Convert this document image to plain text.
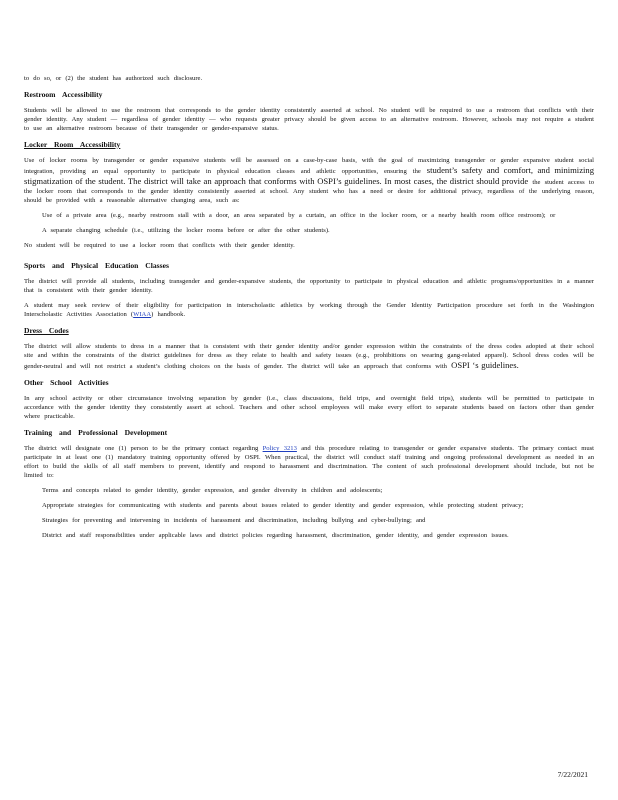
to do so, or (2) the student has authorized such disclosure.

Restroom Accessibility

Students will be allowed to use the restroom that corresponds to the gender identity consistently asserted at school. No student will be required to use a restroom that conflicts with their gender identity. Any student — regardless of gender identity — who requests greater privacy should be given access to an alternative restroom. However, schools may not require a student to use an alternative restroom because of their transgender or gender-expansive status.

Locker Room Accessibility

Use of locker rooms by transgender or gender expansive students will be assessed on a case-by-case basis, with the goal of maximizing transgender or gender expansive student social integration, providing an equal opportunity to participate in physical education classes and athletic opportunities, ensuring the student’s safety and comfort, and minimizing stigmatization of the student. The district will take an approach that conforms with OSPI’s guidelines. In most cases, the district should provide the student access to the locker room that corresponds to the gender identity consistently asserted at school. Any student who has a need or desire for additional privacy, regardless of the underlying reason, should be provided with a reasonable alternative changing area, such as:

Use of a private area (e.g., nearby restroom stall with a door, an area separated by a curtain, an office in the locker room, or a nearby health room office restroom); or
A separate changing schedule (i.e., utilizing the locker rooms before or after the other students).

No student will be required to use a locker room that conflicts with their gender identity.

Sports and Physical Education Classes

The district will provide all students, including transgender and gender-expansive students, the opportunity to participate in physical education and athletic programs/opportunities in a manner that is consistent with their gender identity.

A student may seek review of their eligibility for participation in interscholastic athletics by working through the Gender Identity Participation procedure set forth in the Washington Interscholastic Activities Association (WIAA) handbook.

Dress Codes

The district will allow students to dress in a manner that is consistent with their gender identity and/or gender expression within the constraints of the dress codes adopted at their school site and within the constraints of the district guidelines for dress as they relate to health and safety issues (e.g., prohibitions on wearing gang-related apparel). School dress codes will be gender-neutral and will not restrict a student’s clothing choices on the basis of gender. The district will take an approach that conforms with OSPI ‘s guidelines.

Other School Activities

In any school activity or other circumstance involving separation by gender (i.e., class discussions, field trips, and overnight field trips), students will be permitted to participate in accordance with the gender identity they consistently assert at school. Teachers and other school employees will make every effort to separate students based on factors other than gender where practicable.

Training and Professional Development

The district will designate one (1) person to be the primary contact regarding Policy 3213 and this procedure relating to transgender or gender expansive students. The primary contact must participate in at least one (1) mandatory training opportunity offered by OSPI. When practical, the district will conduct staff training and ongoing professional development as needed in an effort to build the skills of all staff members to prevent, identify and respond to harassment and discrimination. The content of such professional development should include, but not be limited to:

Terms and concepts related to gender identity, gender expression, and gender diversity in children and adolescents;
Appropriate strategies for communicating with students and parents about issues related to gender identity and gender expression, while protecting student privacy;
Strategies for preventing and intervening in incidents of harassment and discrimination, including bullying and cyber-bullying; and
District and staff responsibilities under applicable laws and district policies regarding harassment, discrimination, gender identity, and gender expression issues.
7/22/2021
